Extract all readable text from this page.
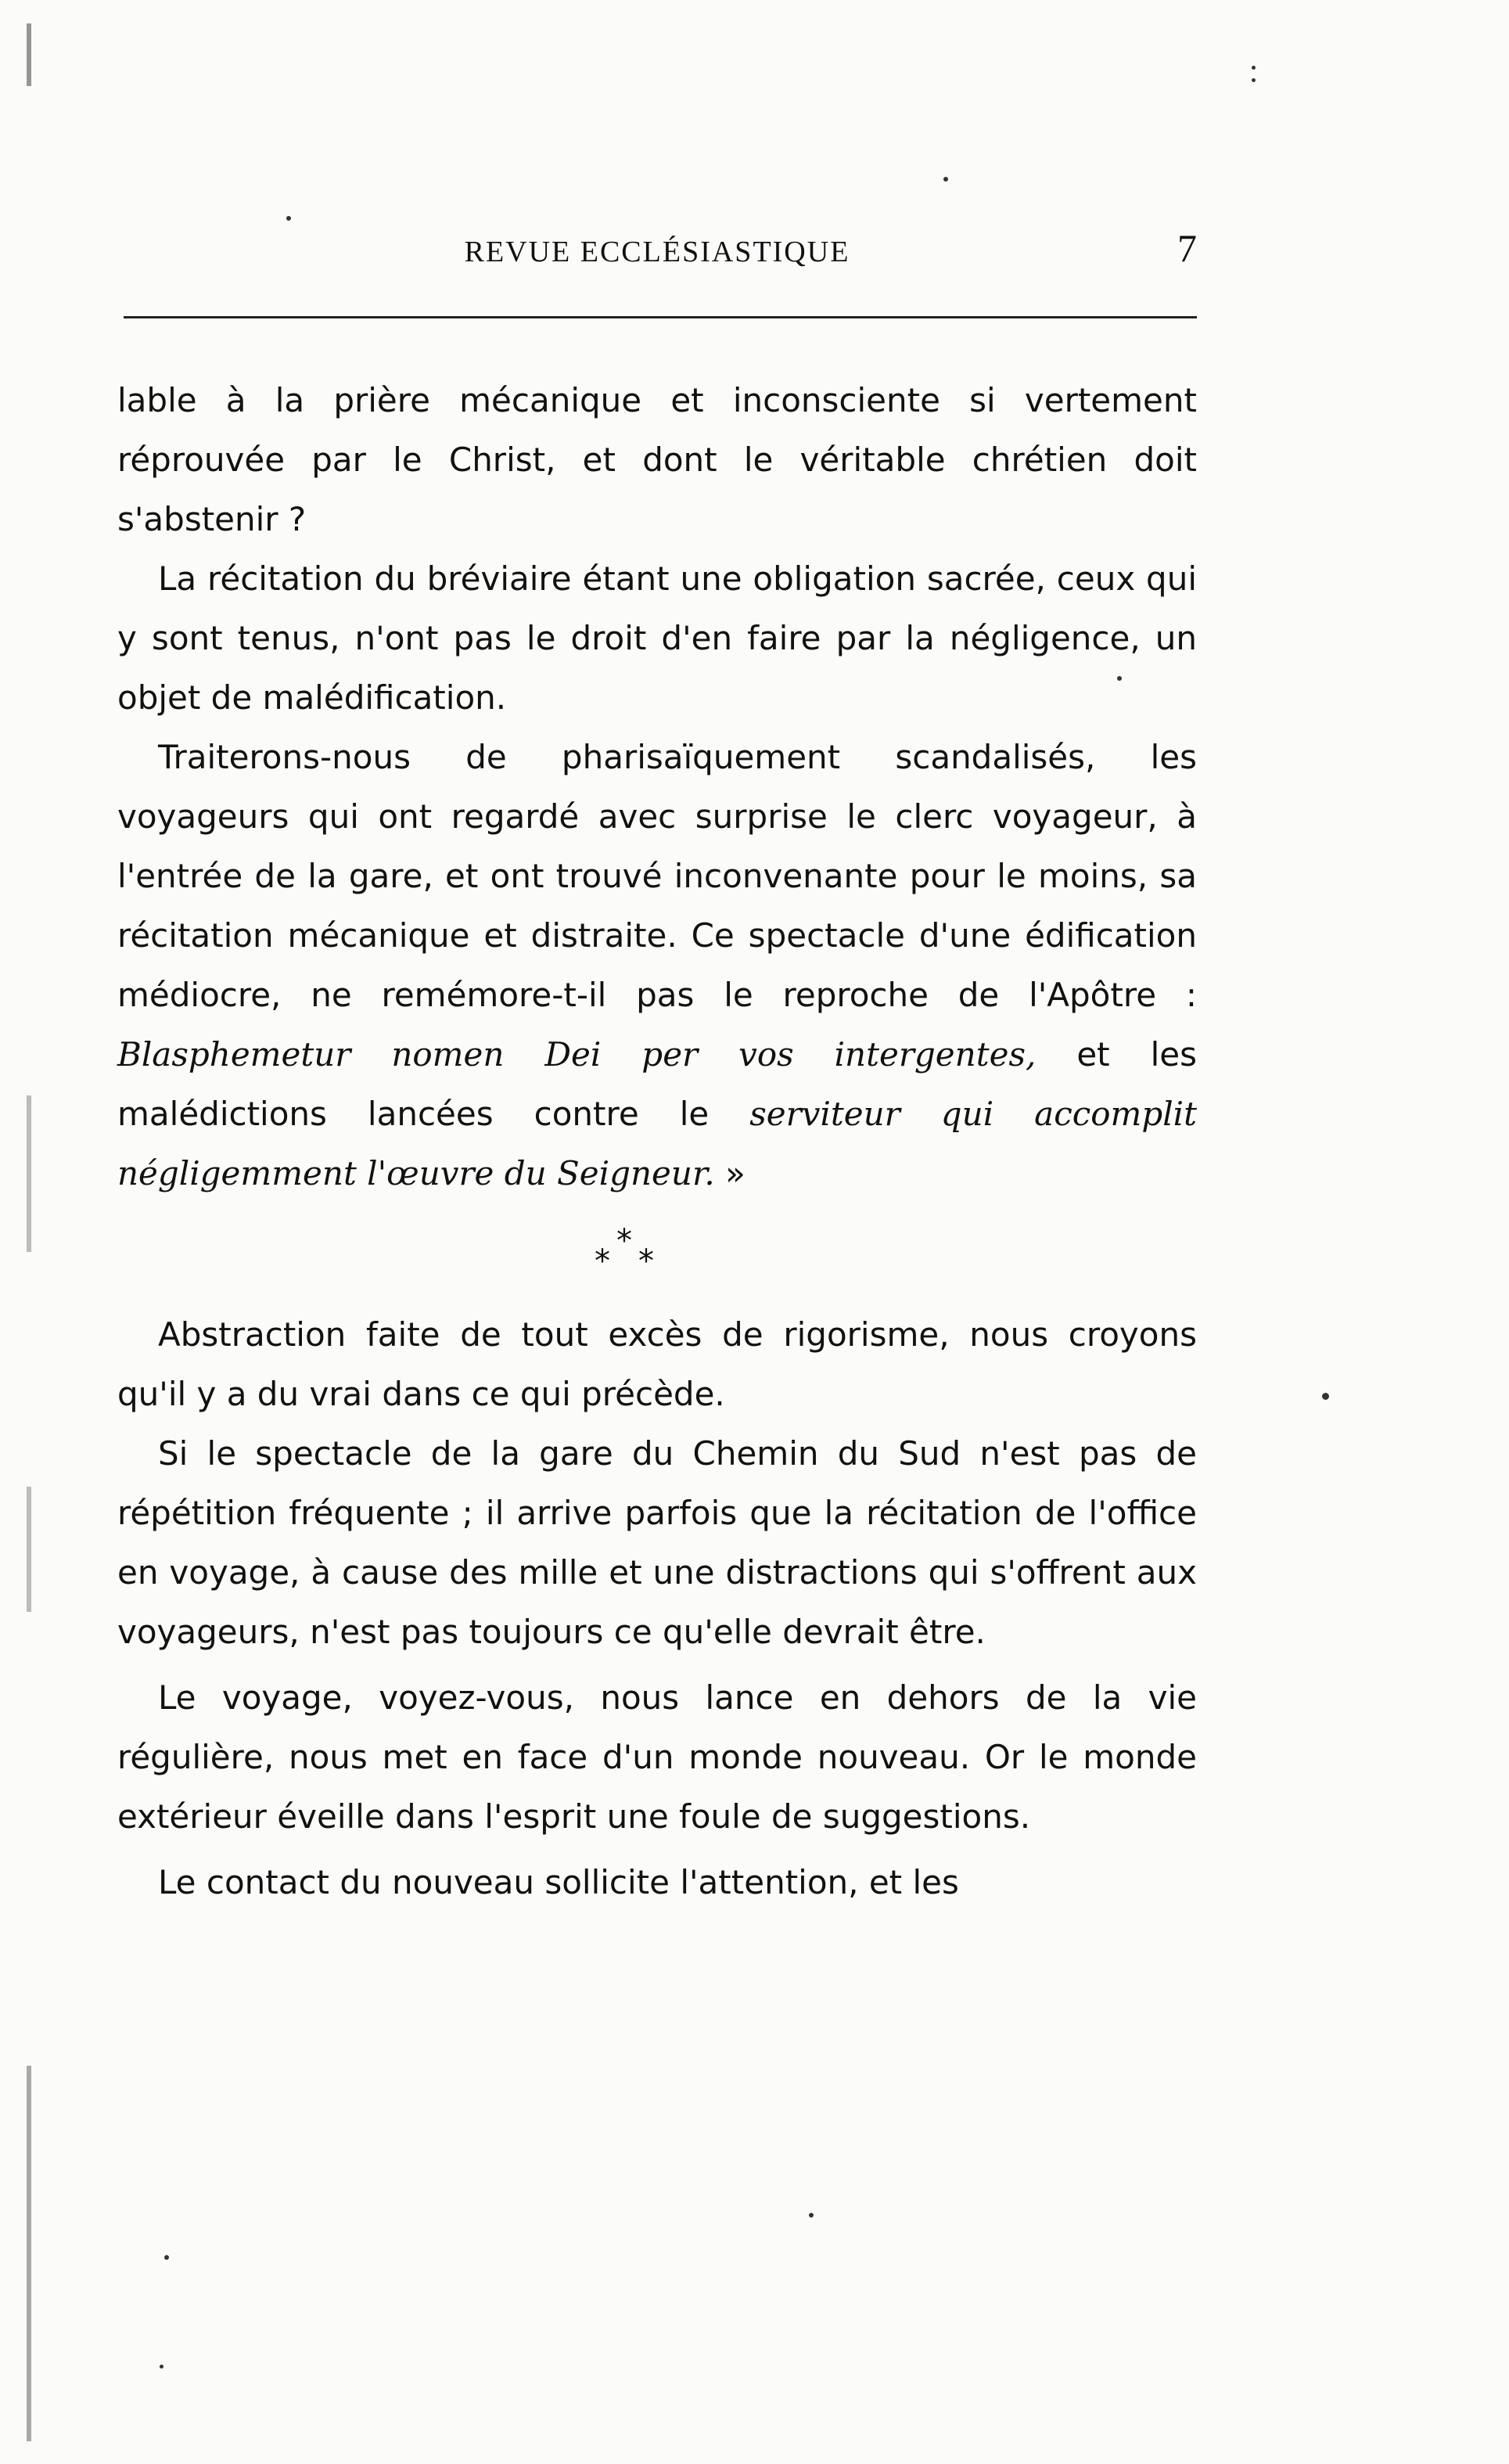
REVUE ECCLÉSIASTIQUE	7

lable à la prière mécanique et inconsciente si vertement réprouvée par le Christ, et dont le véritable chrétien doit s'abstenir ?

La récitation du bréviaire étant une obligation sacrée, ceux qui y sont tenus, n'ont pas le droit d'en faire par la négligence, un objet de malédification.

Traiterons-nous de pharisaïquement scandalisés, les voyageurs qui ont regardé avec surprise le clerc voyageur, à l'entrée de la gare, et ont trouvé inconvenante pour le moins, sa récitation mécanique et distraite. Ce spectacle d'une édification médiocre, ne remémore-t-il pas le reproche de l'Apôtre : Blasphemetur nomen Dei per vos intergentes, et les malédictions lancées contre le serviteur qui accomplit négligemment l'œuvre du Seigneur. »

*
* *

Abstraction faite de tout excès de rigorisme, nous croyons qu'il y a du vrai dans ce qui précède.

Si le spectacle de la gare du Chemin du Sud n'est pas de répétition fréquente ; il arrive parfois que la récitation de l'office en voyage, à cause des mille et une distractions qui s'offrent aux voyageurs, n'est pas toujours ce qu'elle devrait être.

Le voyage, voyez-vous, nous lance en dehors de la vie régulière, nous met en face d'un monde nouveau. Or le monde extérieur éveille dans l'esprit une foule de suggestions.

Le contact du nouveau sollicite l'attention, et les
